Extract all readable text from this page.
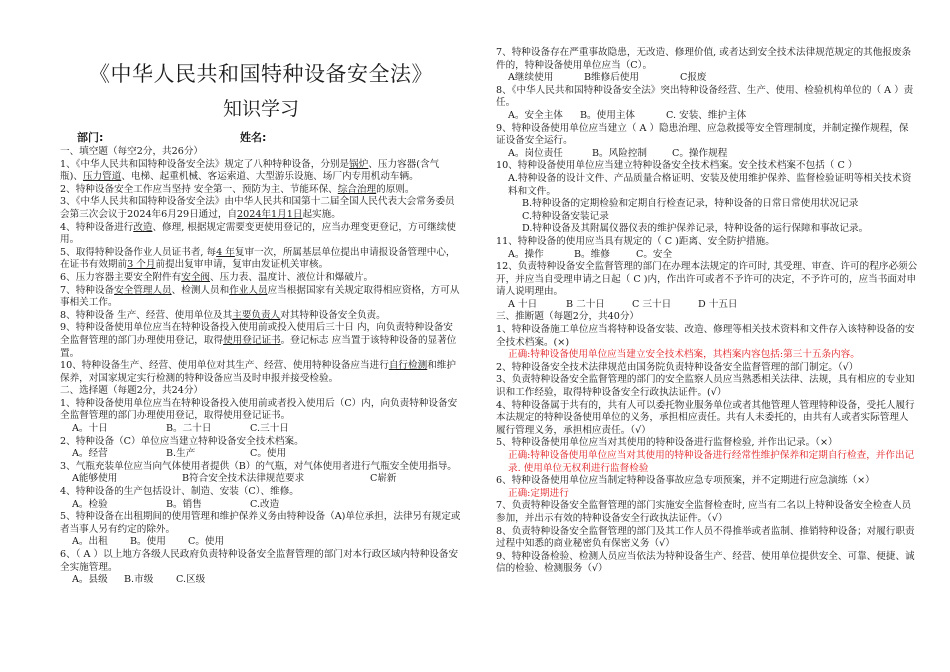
《中华人民共和国特种设备安全法》
知识学习
部门:	姓名:

一、填空题（每空2分，共26分）

1、《中华人民共和国特种设备安全法》规定了八种特种设备，分别是锅炉、压力容器(含气瓶)、压力管道、电梯、起重机械、客运索道、大型游乐设施、场厂内专用机动车辆。

2、特种设备安全工作应当坚持 安全第一、预防为主、节能环保、综合治理的原则。

3、《中华人民共和国特种设备安全法》由中华人民共和国第十二届全国人民代表大会常务委员会第三次会议于2024年6月29日通过，自2024年1月1日起实施。

4、特种设备进行改造、修理, 根据规定需要变更使用登记的，应当办理变更登记，方可继续使用。

5、取得特种设备作业人员证书者, 每4 年复审一次，所属基层单位提出申请报设备管理中心，在证书有效期前3 个月前提出复审申请，复审由发证机关审核。

6、压力容器主要安全附件有安全阀、压力表、温度计、液位计和爆破片。

7、特种设备安全管理人员、检测人员和作业人员应当根据国家有关规定取得相应资格，方可从事相关工作。

8、特种设备 生产、经营、使用单位及其主要负责人对其特种设备安全负责。

9、特种设备使用单位应当在特种设备投入使用前或投入使用后三十日 内，向负责特种设备安全监督管理的部门办理使用登记，取得使用登记证书。登记标志 应当置于该特种设备的显著位置。

10、特种设备生产、经营、使用单位对其生产、经营、使用特种设备应当进行自行检测和维护保养，对国家规定实行检测的特种设备应当及时申报并接受检验。

二、选择题（每题2分，共24分）

1、特种设备使用单位应当在特种设备投入使用前或者投入使用后（C）内，向负责特种设备安全监督管理的部门办理使用登记，取得使用登记证书。

A。十日	B。二十日	C.三十日

2、特种设备（C）单位应当建立特种设备安全技术档案。

A。经营	B.生产	C。使用

3、气瓶充装单位应当向气体使用者提供（B）的气瓶，对气体使用者进行气瓶安全使用指导。

A能够使用	B符合安全技术法律规范要求	C崭新

4、特种设备的生产包括设计、制造、安装（C）、维修。

A。检验	B。销售	C.改造

5、特种设备在出租期间的使用管理和维护保养义务由特种设备（A)单位承担，法律另有规定或者当事人另有约定的除外。

A。出租 B。使用 C。使用

6、（ A ）以上地方各级人民政府负责特种设备安全监督管理的部门对本行政区域内特种设备安全实施管理。

A。县级 B.市级 C.区级

7、特种设备存在严重事故隐患，无改造、修理价值, 或者达到安全技术法律规范规定的其他报废条件的，特种设备使用单位应当（C）。

A继续使用	B维修后使用	C报废

8、《中华人民共和国特种设备安全法》突出特种设备经营、生产、使用、检验机构单位的（ A ）责任。

A。安全主体 B。使用主体	C. 安装、维护主体

9、特种设备使用单位应当建立（ A ）隐患治理、应急救援等安全管理制度，并制定操作规程，保证设备安全运行。

A。岗位责任	B。风险控制	C。操作规程

10、特种设备使用单位应当建立特种设备安全技术档案。安全技术档案不包括（ C ）

A.特种设备的设计文件、产品质量合格证明、安装及使用维护保养、监督检验证明等相关技术资料和文件。

B.特种设备的定期检验和定期自行检查记录，特种设备的日常日常使用状况记录

C.特种设备安装记录

D.特种设备及其附属仪器仪表的维护保养记录，特种设备的运行保障和事故记录。

11、特种设备的使用应当具有规定的（ C )距离、安全防护措施。

A。操作	B。维修	C。安全

12、负责特种设备安全监督管理的部门在办理本法规定的许可时, 其受理、审查、许可的程序必须公开，并应当自受理申请之日起（ C )内，作出许可或者不予许可的决定，不予许可的，应当书面对申请人说明理由。

A 十日	B 二十日	C 三十日	D 十五日

三、推断题（每题2分，共40分）

1、特种设备施工单位应当将特种设备安装、改造、修理等相关技术资料和文件存入该特种设备的安全技术档案。(×)

正确:特种设备使用单位应当建立安全技术档案，其档案内容包括:第三十五条内容。

2、特种设备安全技术法律规范由国务院负责特种设备安全监督管理的部门制定。（√）

3、负责特种设备安全监督管理的部门的安全监察人员应当熟悉相关法律、法规，具有相应的专业知识和工作经验，取得特种设备安全行政执法证件。(√）

4、特种设备属于共有的，共有人可以委托物业服务单位或者其他管理人管理特种设备，受托人履行本法规定的特种设备使用单位的义务，承担相应责任。共有人未委托的，由共有人或者实际管理人履行管理义务，承担相应责任。（√）

5、特种设备使用单位应当对其使用的特种设备进行监督检验, 并作出记录。（×）

正确:特种设备使用单位应当对其使用的特种设备进行经常性维护保养和定期自行检查，并作出记录. 使用单位无权利进行监督检验

6、特种设备使用单位应当制定特种设备事故应急专项预案，并不定期进行应急演练（×）

正确:定期进行

7、负责特种设备安全监督管理的部门实施安全监督检查时, 应当有二名以上特种设备安全检查人员参加，并出示有效的特种设备安全行政执法证件。（√）

8、负责特种设备安全监督管理的部门及其工作人员不得推举或者监制、推销特种设备；对履行职责过程中知悉的商业秘密负有保密义务（√）

9、特种设备检验、检测人员应当依法为特种设备生产、经营、使用单位提供安全、可靠、便捷、诚信的检验、检测服务（√）
